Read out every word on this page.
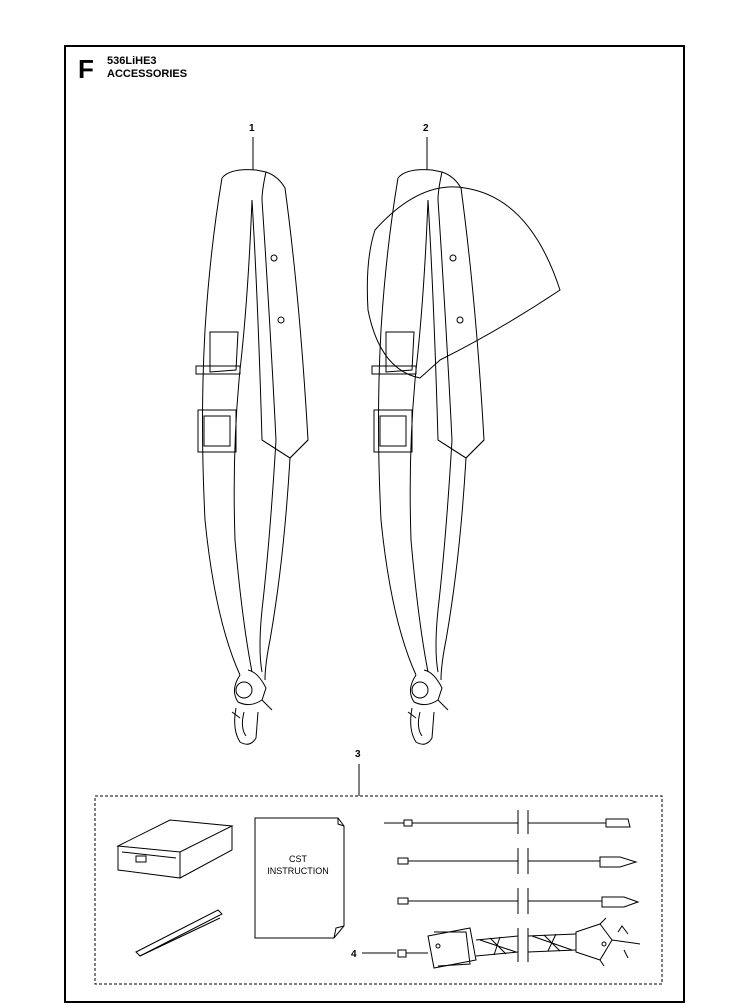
F 536LiHE3
ACCESSORIES
1	2
3
CST
INSTRUCTION
4
